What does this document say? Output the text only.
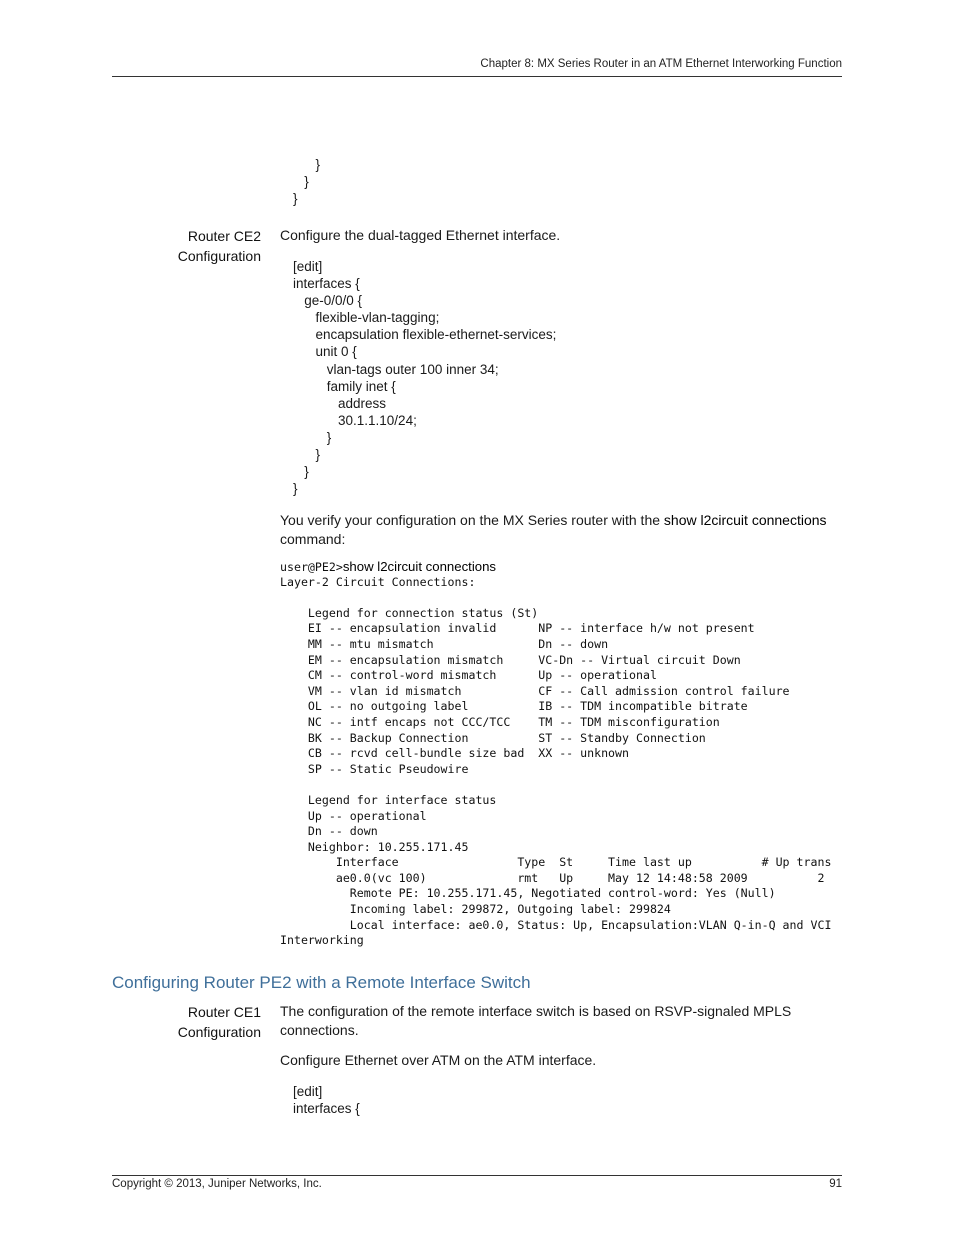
Chapter 8: MX Series Router in an ATM Ethernet Interworking Function
}
}
}
Router CE2
Configuration
Configure the dual-tagged Ethernet interface.
[edit]
interfaces {
ge-0/0/0 {
flexible-vlan-tagging;
encapsulation flexible-ethernet-services;
unit 0 {
vlan-tags outer 100 inner 34;
family inet {
address
30.1.1.10/24;
}
}
}
}
You verify your configuration on the MX Series router with the show l2circuit connections
command:
user@PE2>show l2circuit connections
Layer-2 Circuit Connections:
Legend for connection status (St)
EI -- encapsulation invalid      NP -- interface h/w not present
MM -- mtu mismatch               Dn -- down
EM -- encapsulation mismatch     VC-Dn -- Virtual circuit Down
CM -- control-word mismatch      Up -- operational
VM -- vlan id mismatch           CF -- Call admission control failure
OL -- no outgoing label          IB -- TDM incompatible bitrate
NC -- intf encaps not CCC/TCC    TM -- TDM misconfiguration
BK -- Backup Connection          ST -- Standby Connection
CB -- rcvd cell-bundle size bad  XX -- unknown
SP -- Static Pseudowire
Legend for interface status
Up -- operational
Dn -- down
Neighbor: 10.255.171.45
Interface                 Type  St     Time last up          # Up trans
ae0.0(vc 100)             rmt   Up     May 12 14:48:58 2009          2
Remote PE: 10.255.171.45, Negotiated control-word: Yes (Null)
Incoming label: 299872, Outgoing label: 299824
Local interface: ae0.0, Status: Up, Encapsulation:VLAN Q-in-Q and VCI
Interworking
Configuring Router PE2 with a Remote Interface Switch
Router CE1
Configuration
The configuration of the remote interface switch is based on RSVP-signaled MPLS connections.
Configure Ethernet over ATM on the ATM interface.
[edit]
interfaces {
Copyright © 2013, Juniper Networks, Inc.	91
